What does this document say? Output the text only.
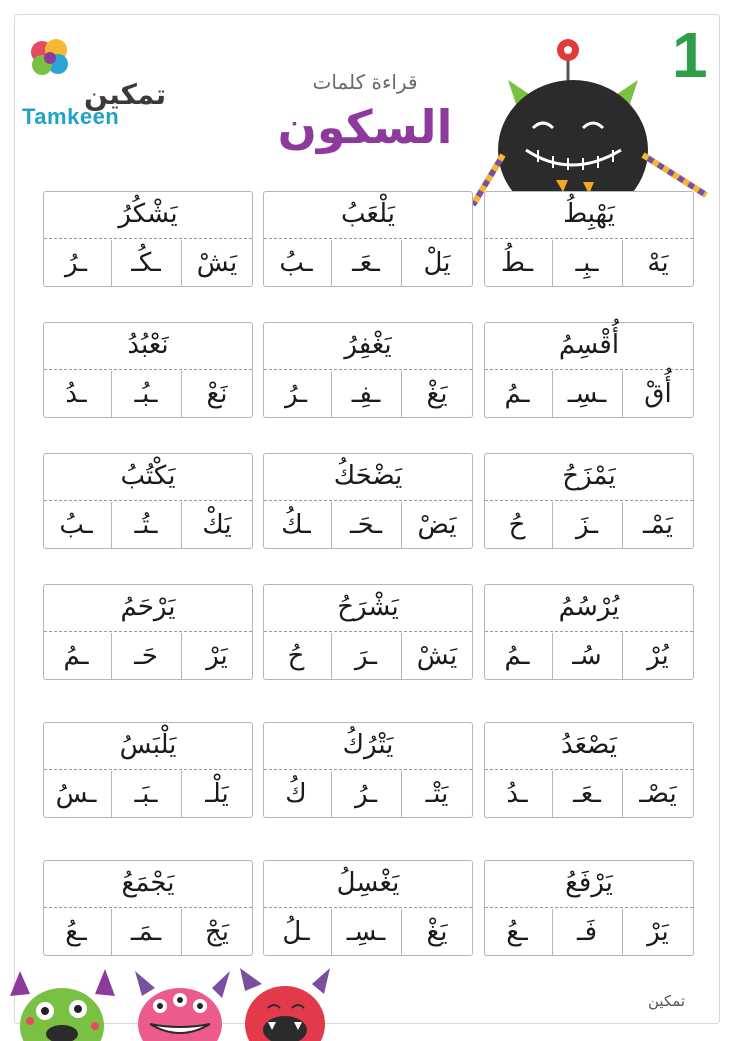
تمكين
Tamkeen
قراءة كلمات
السكون
1
يَهْبِطُ
يَهْ
ـبِـ
ـطُ
يَلْعَبُ
يَلْ
ـعَـ
ـبُ
يَشْكُرُ
يَشْ
ـكُـ
ـرُ
أُقْسِمُ
أُقْ
ـسِـ
ـمُ
يَغْفِرُ
يَغْ
ـفِـ
ـرُ
نَعْبُدُ
نَعْ
ـبُـ
ـدُ
يَمْزَحُ
يَمْـ
ـزَ
حُ
يَضْحَكُ
يَضْ
ـحَـ
ـكُ
يَكْتُبُ
يَكْ
ـتُـ
ـبُ
يُرْسُمُ
يُرْ
سُـ
ـمُ
يَشْرَحُ
يَشْ
ـرَ
حُ
يَرْحَمُ
يَرْ
حَـ
ـمُ
يَصْعَدُ
يَصْـ
ـعَـ
ـدُ
يَتْرُكُ
يَتْـ
ـرُ
كُ
يَلْبَسُ
يَلْـ
ـبَـ
ـسُ
يَرْفَعُ
يَرْ
فَـ
ـعُ
يَغْسِلُ
يَغْ
ـسِـ
ـلُ
يَجْمَعُ
يَجْ
ـمَـ
ـعُ
تمكين
